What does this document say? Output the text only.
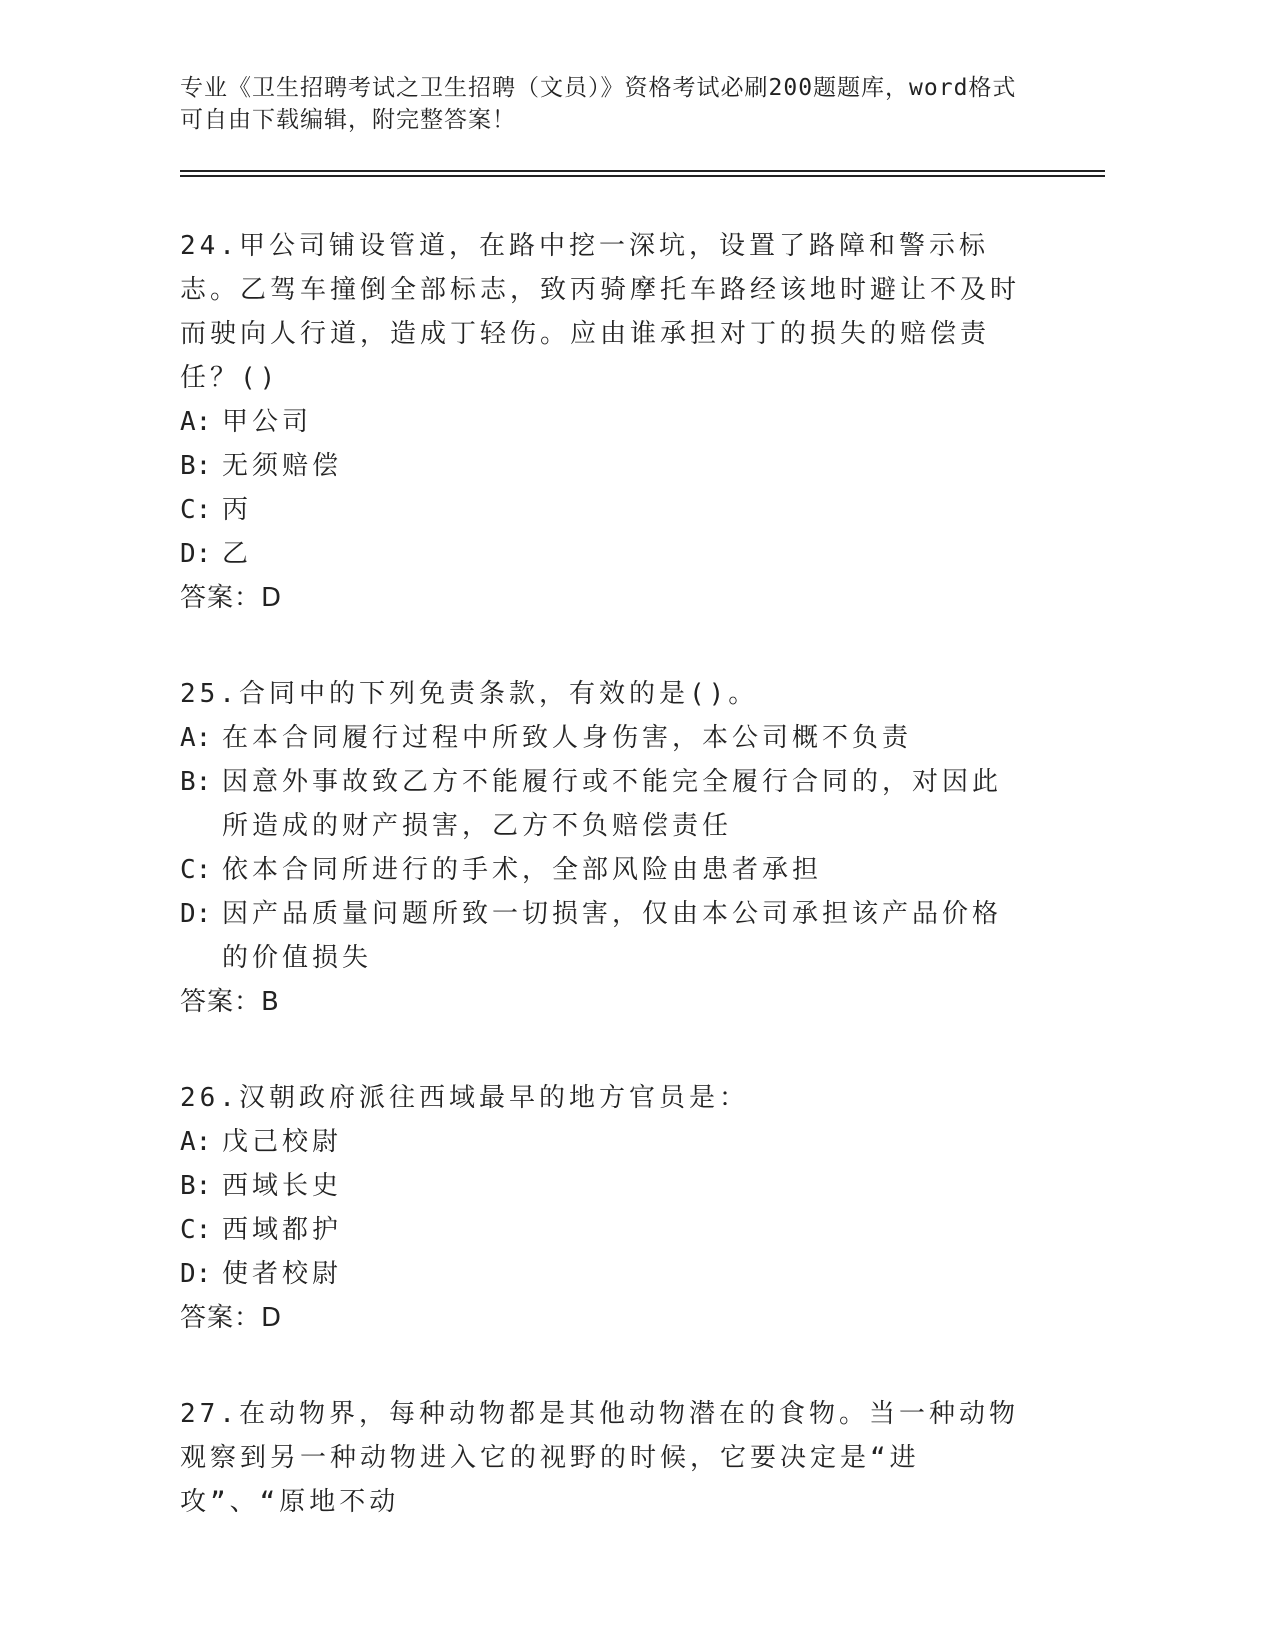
专业《卫生招聘考试之卫生招聘（文员）》资格考试必刷200题题库，word格式
可自由下载编辑，附完整答案！

24.甲公司铺设管道，在路中挖一深坑，设置了路障和警示标志。乙驾车撞倒全部标志，致丙骑摩托车路经该地时避让不及时而驶向人行道，造成丁轻伤。应由谁承担对丁的损失的赔偿责任？()

A: 甲公司
B: 无须赔偿
C: 丙
D: 乙

答案：D

25.合同中的下列免责条款，有效的是()。

A: 在本合同履行过程中所致人身伤害，本公司概不负责
B: 因意外事故致乙方不能履行或不能完全履行合同的，对因此所造成的财产损害，乙方不负赔偿责任
C: 依本合同所进行的手术，全部风险由患者承担
D: 因产品质量问题所致一切损害，仅由本公司承担该产品价格的价值损失

答案：B

26.汉朝政府派往西域最早的地方官员是：

A: 戊己校尉
B: 西域长史
C: 西域都护
D: 使者校尉

答案：D

27.在动物界，每种动物都是其他动物潜在的食物。当一种动物观察到另一种动物进入它的视野的时候，它要决定是“进攻”、“原地不动
